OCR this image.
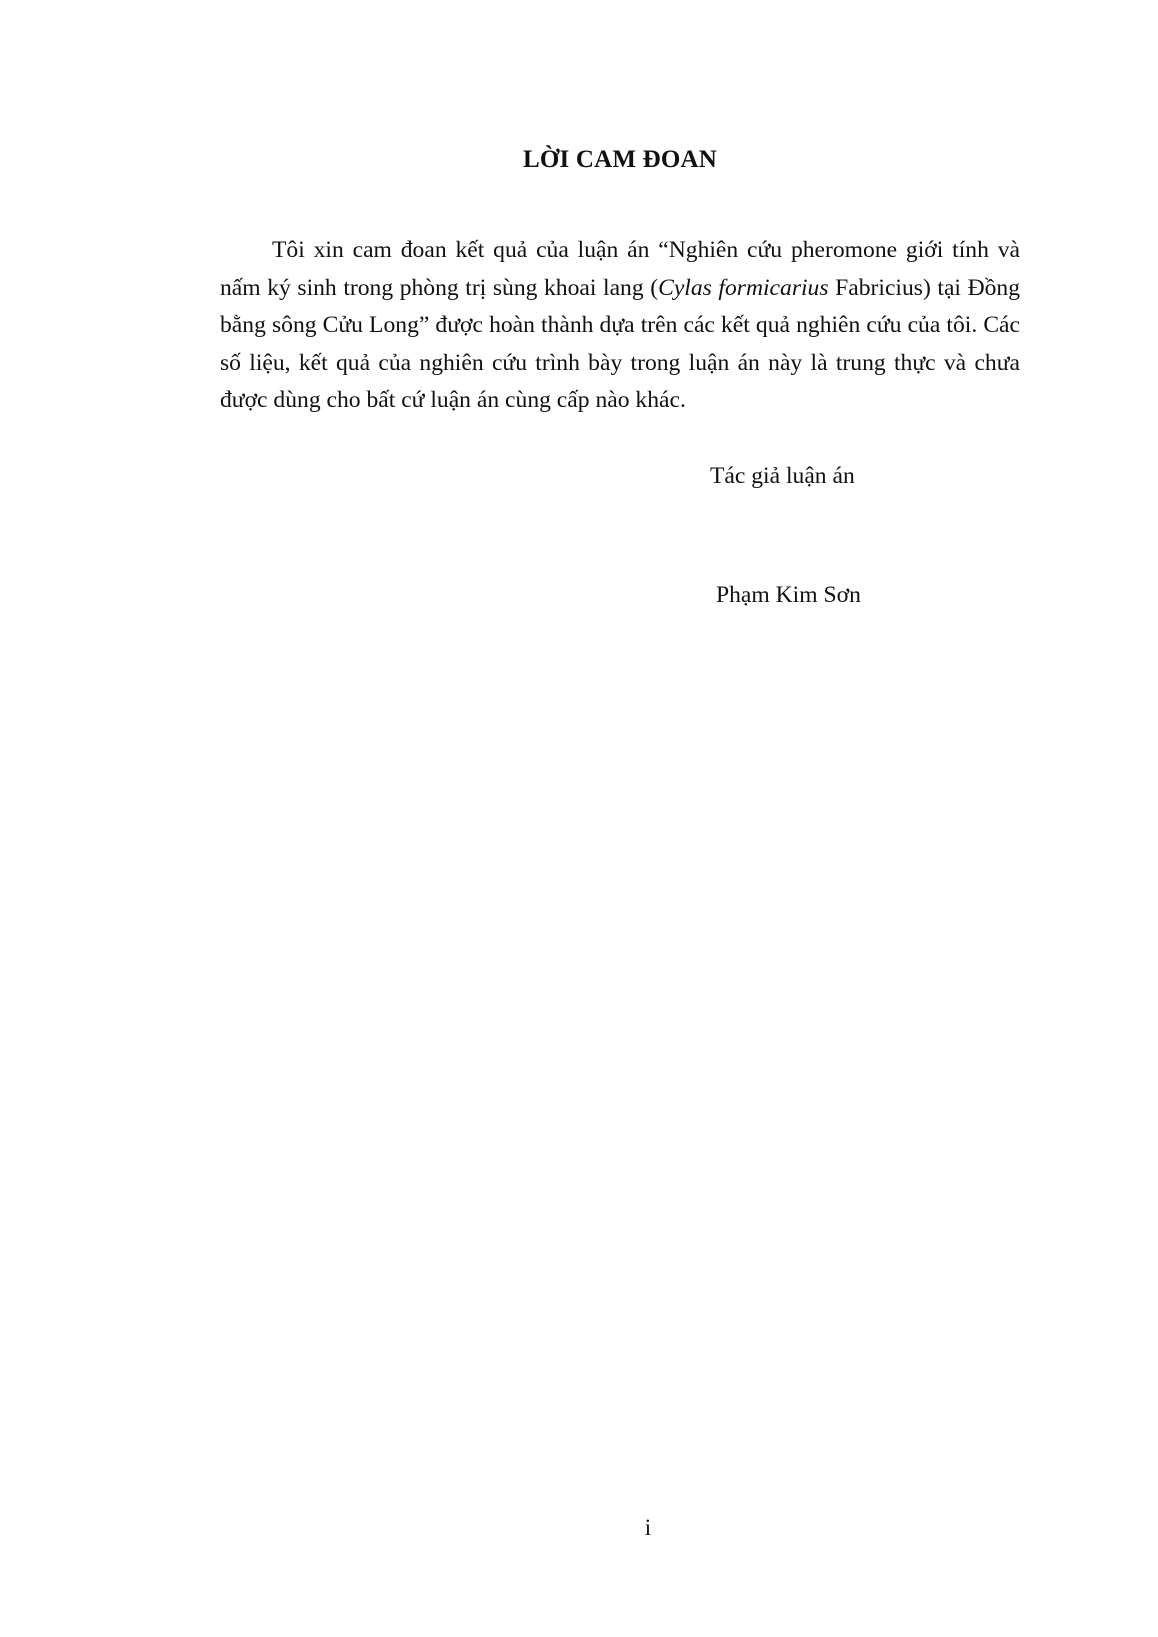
LỜI CAM ĐOAN

Tôi xin cam đoan kết quả của luận án “Nghiên cứu pheromone giới tính và nấm ký sinh trong phòng trị sùng khoai lang (Cylas formicarius Fabricius) tại Đồng bằng sông Cửu Long” được hoàn thành dựa trên các kết quả nghiên cứu của tôi. Các số liệu, kết quả của nghiên cứu trình bày trong luận án này là trung thực và chưa được dùng cho bất cứ luận án cùng cấp nào khác.

Tác giả luận án
Phạm Kim Sơn
i
